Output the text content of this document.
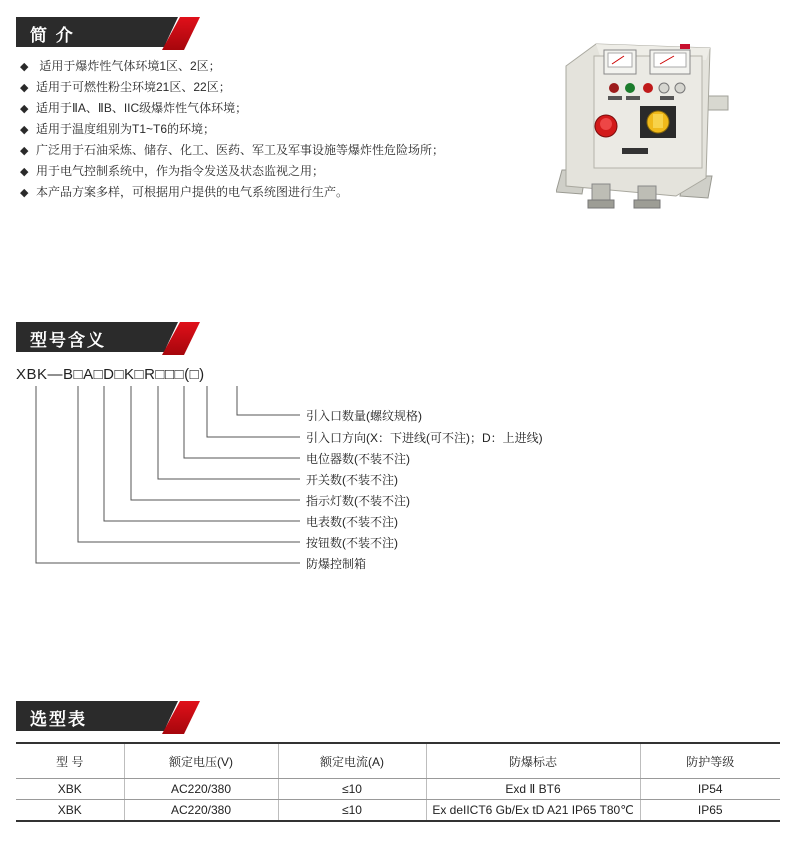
简 介
◆ 适用于爆炸性气体环境1区、2区；
◆ 适用于可燃性粉尘环境21区、22区；
◆ 适用于ⅡA、ⅡB、IIC级爆炸性气体环境；
◆ 适用于温度组别为T1~T6的环境；
◆ 广泛用于石油采炼、储存、化工、医药、军工及军事设施等爆炸性危险场所；
◆ 用于电气控制系统中，作为指令发送及状态监视之用；
◆ 本产品方案多样，可根据用户提供的电气系统图进行生产。
型号含义
XBK—B□A□D□K□R□□□(□)
引入口数量(螺纹规格)
引入口方向(X：下进线(可不注)；D：上进线)
电位器数(不装不注)
开关数(不装不注)
指示灯数(不装不注)
电表数(不装不注)
按钮数(不装不注)
防爆控制箱
选型表
型 号	额定电压(V)	额定电流(A)	防爆标志	防护等级
XBK	AC220/380	≤10	Exd Ⅱ BT6	IP54
XBK	AC220/380	≤10	Ex deIICT6 Gb/Ex tD A21 IP65 T80℃	IP65
